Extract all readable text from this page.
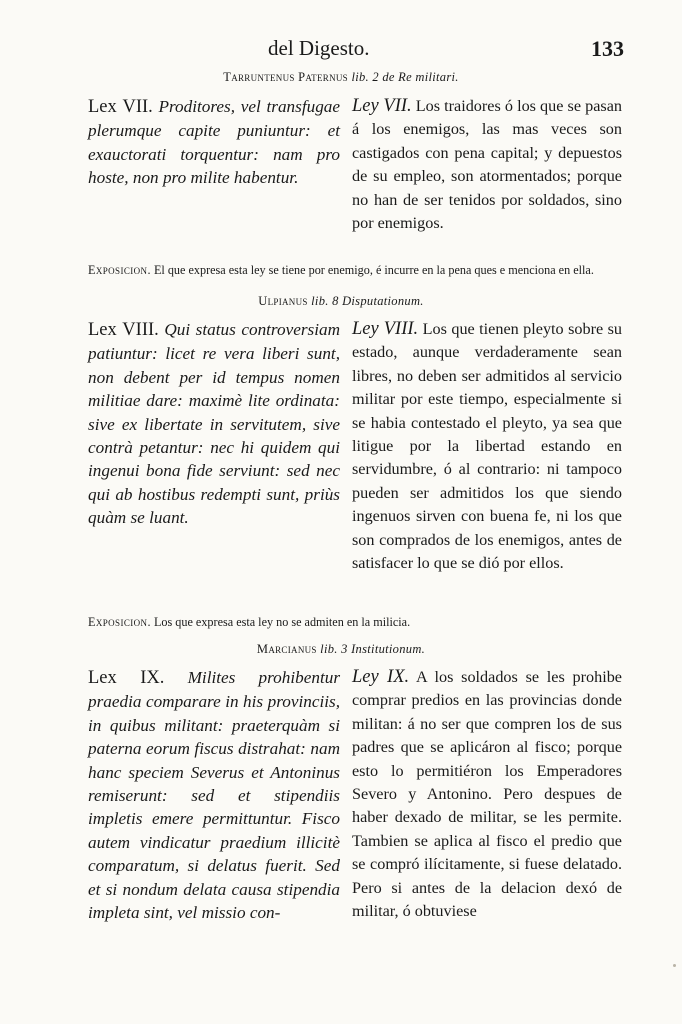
del Digesto.	133
Tarruntenus Paternus lib. 2 de Re militari.
Lex VII. Proditores, vel transfugae plerumque capite puniuntur: et exauctorati torquentur: nam pro hoste, non pro milite habentur.
Ley VII. Los traidores ó los que se pasan á los enemigos, las mas veces son castigados con pena capital; y depuestos de su empleo, son atormentados; porque no han de ser tenidos por soldados, sino por enemigos.
Exposicion. El que expresa esta ley se tiene por enemigo, é incurre en la pena ques e menciona en ella.
Ulpianus lib. 8 Disputationum.
Lex VIII. Qui status controversiam patiuntur: licet re vera liberi sunt, non debent per id tempus nomen militiae dare: maximè lite ordinata: sive ex libertate in servitutem, sive contrà petantur: nec hi quidem qui ingenui bona fide serviunt: sed nec qui ab hostibus redempti sunt, priùs quàm se luant.
Ley VIII. Los que tienen pleyto sobre su estado, aunque verdaderamente sean libres, no deben ser admitidos al servicio militar por este tiempo, especialmente si se habia contestado el pleyto, ya sea que litigue por la libertad estando en servidumbre, ó al contrario: ni tampoco pueden ser admitidos los que siendo ingenuos sirven con buena fe, ni los que son comprados de los enemigos, antes de satisfacer lo que se dió por ellos.
Exposicion. Los que expresa esta ley no se admiten en la milicia.
Marcianus lib. 3 Institutionum.
Lex IX. Milites prohibentur praedia comparare in his provinciis, in quibus militant: praeterquàm si paterna eorum fiscus distrahat: nam hanc speciem Severus et Antoninus remiserunt: sed et stipendiis impletis emere permittuntur. Fisco autem vindicatur praedium illicitè comparatum, si delatus fuerit. Sed et si nondum delata causa stipendia impleta sint, vel missio con-
Ley IX. A los soldados se les prohibe comprar predios en las provincias donde militan: á no ser que compren los de sus padres que se aplicáron al fisco; porque esto lo permitiéron los Emperadores Severo y Antonino. Pero despues de haber dexado de militar, se les permite. Tambien se aplica al fisco el predio que se compró ilícitamente, si fuese delatado. Pero si antes de la delacion dexó de militar, ó obtuviese
